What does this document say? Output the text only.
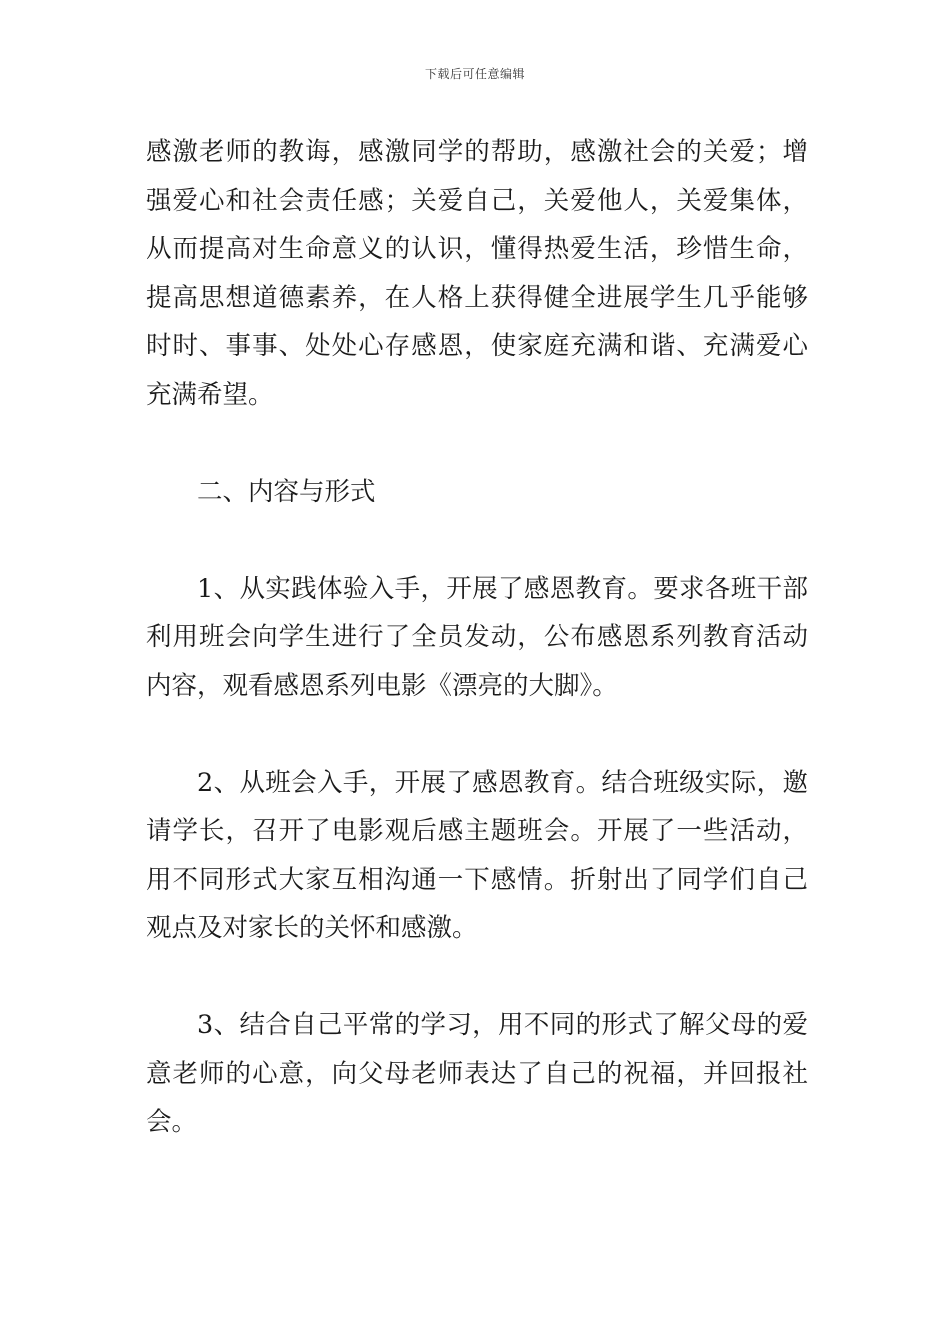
下载后可任意编辑

感激老师的教诲，感激同学的帮助，感激社会的关爱；增强爱心和社会责任感；关爱自己，关爱他人，关爱集体，从而提高对生命意义的认识，懂得热爱生活，珍惜生命，提高思想道德素养，在人格上获得健全进展学生几乎能够时时、事事、处处心存感恩，使家庭充满和谐、充满爱心充满希望。

二、内容与形式

1、从实践体验入手，开展了感恩教育。要求各班干部利用班会向学生进行了全员发动，公布感恩系列教育活动内容，观看感恩系列电影《漂亮的大脚》。

2、从班会入手，开展了感恩教育。结合班级实际，邀请学长，召开了电影观后感主题班会。开展了一些活动，用不同形式大家互相沟通一下感情。折射出了同学们自己观点及对家长的关怀和感激。

3、结合自己平常的学习，用不同的形式了解父母的爱意老师的心意，向父母老师表达了自己的祝福，并回报社会。
